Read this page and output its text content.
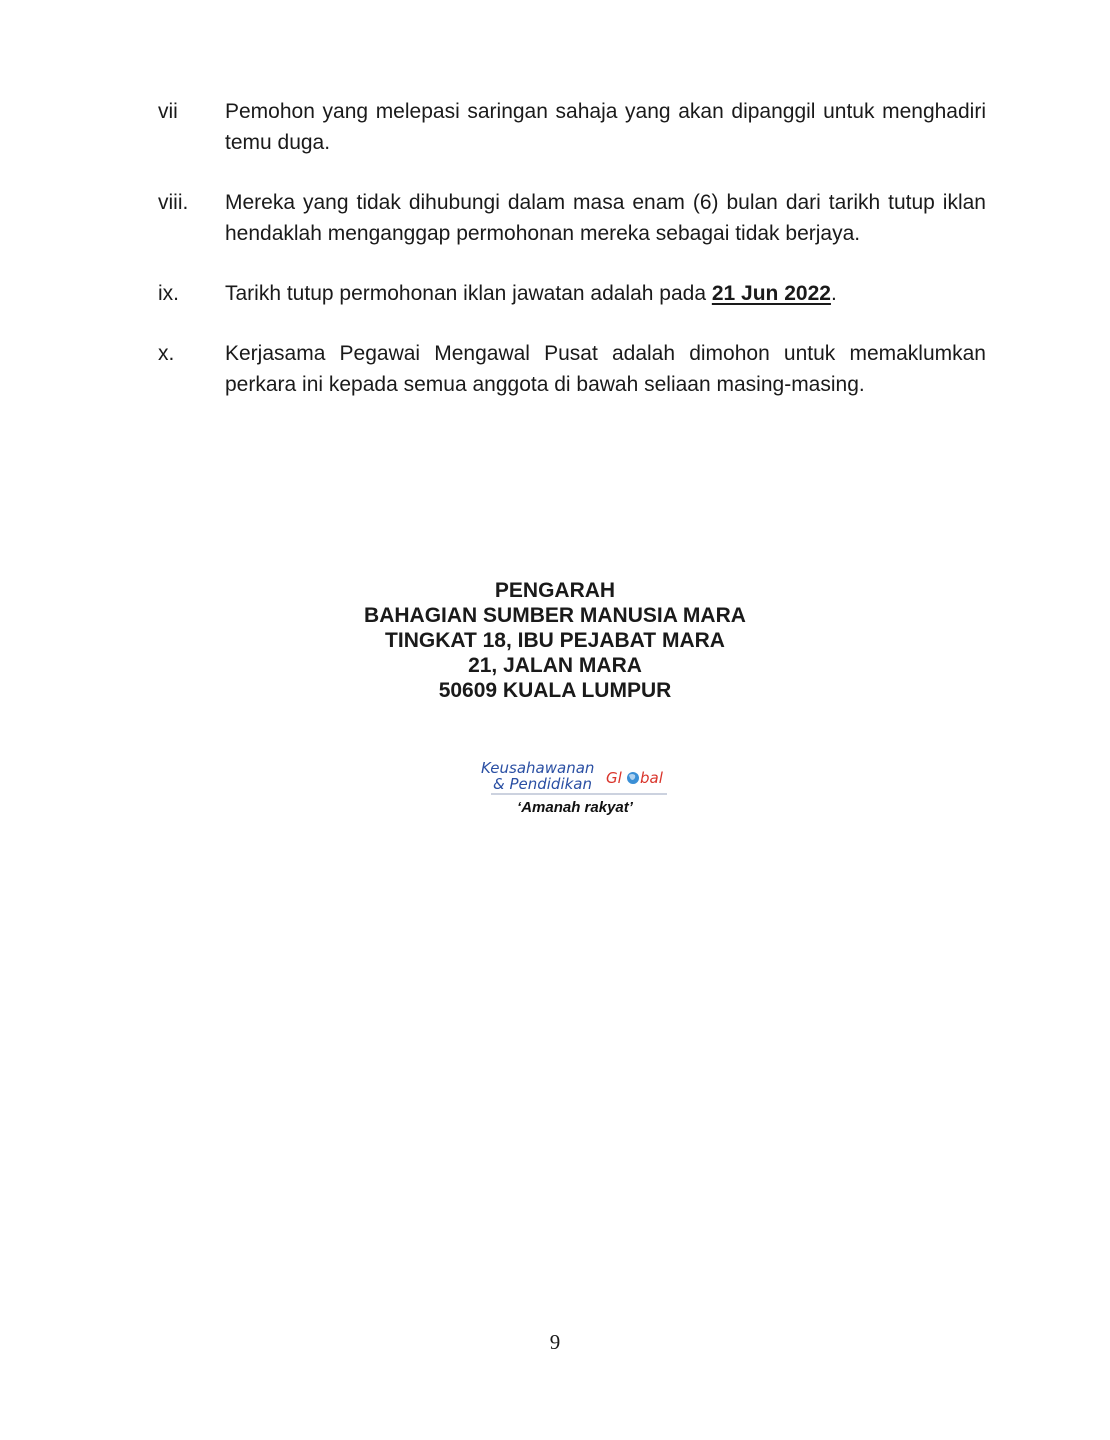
vii	Pemohon yang melepasi saringan sahaja yang akan dipanggil untuk menghadiri temu duga.
viii.	Mereka yang tidak dihubungi dalam masa enam (6) bulan dari tarikh tutup iklan hendaklah menganggap permohonan mereka sebagai tidak berjaya.
ix.	Tarikh tutup permohonan iklan jawatan adalah pada 21 Jun 2022.
x.	Kerjasama Pegawai Mengawal Pusat adalah dimohon untuk memaklumkan perkara ini kepada semua anggota di bawah seliaan masing-masing.
PENGARAH
BAHAGIAN SUMBER MANUSIA MARA
TINGKAT 18, IBU PEJABAT MARA
21, JALAN MARA
50609 KUALA LUMPUR
Keusahawanan
& Pendidikan Gl bal
‘Amanah rakyat’
9
